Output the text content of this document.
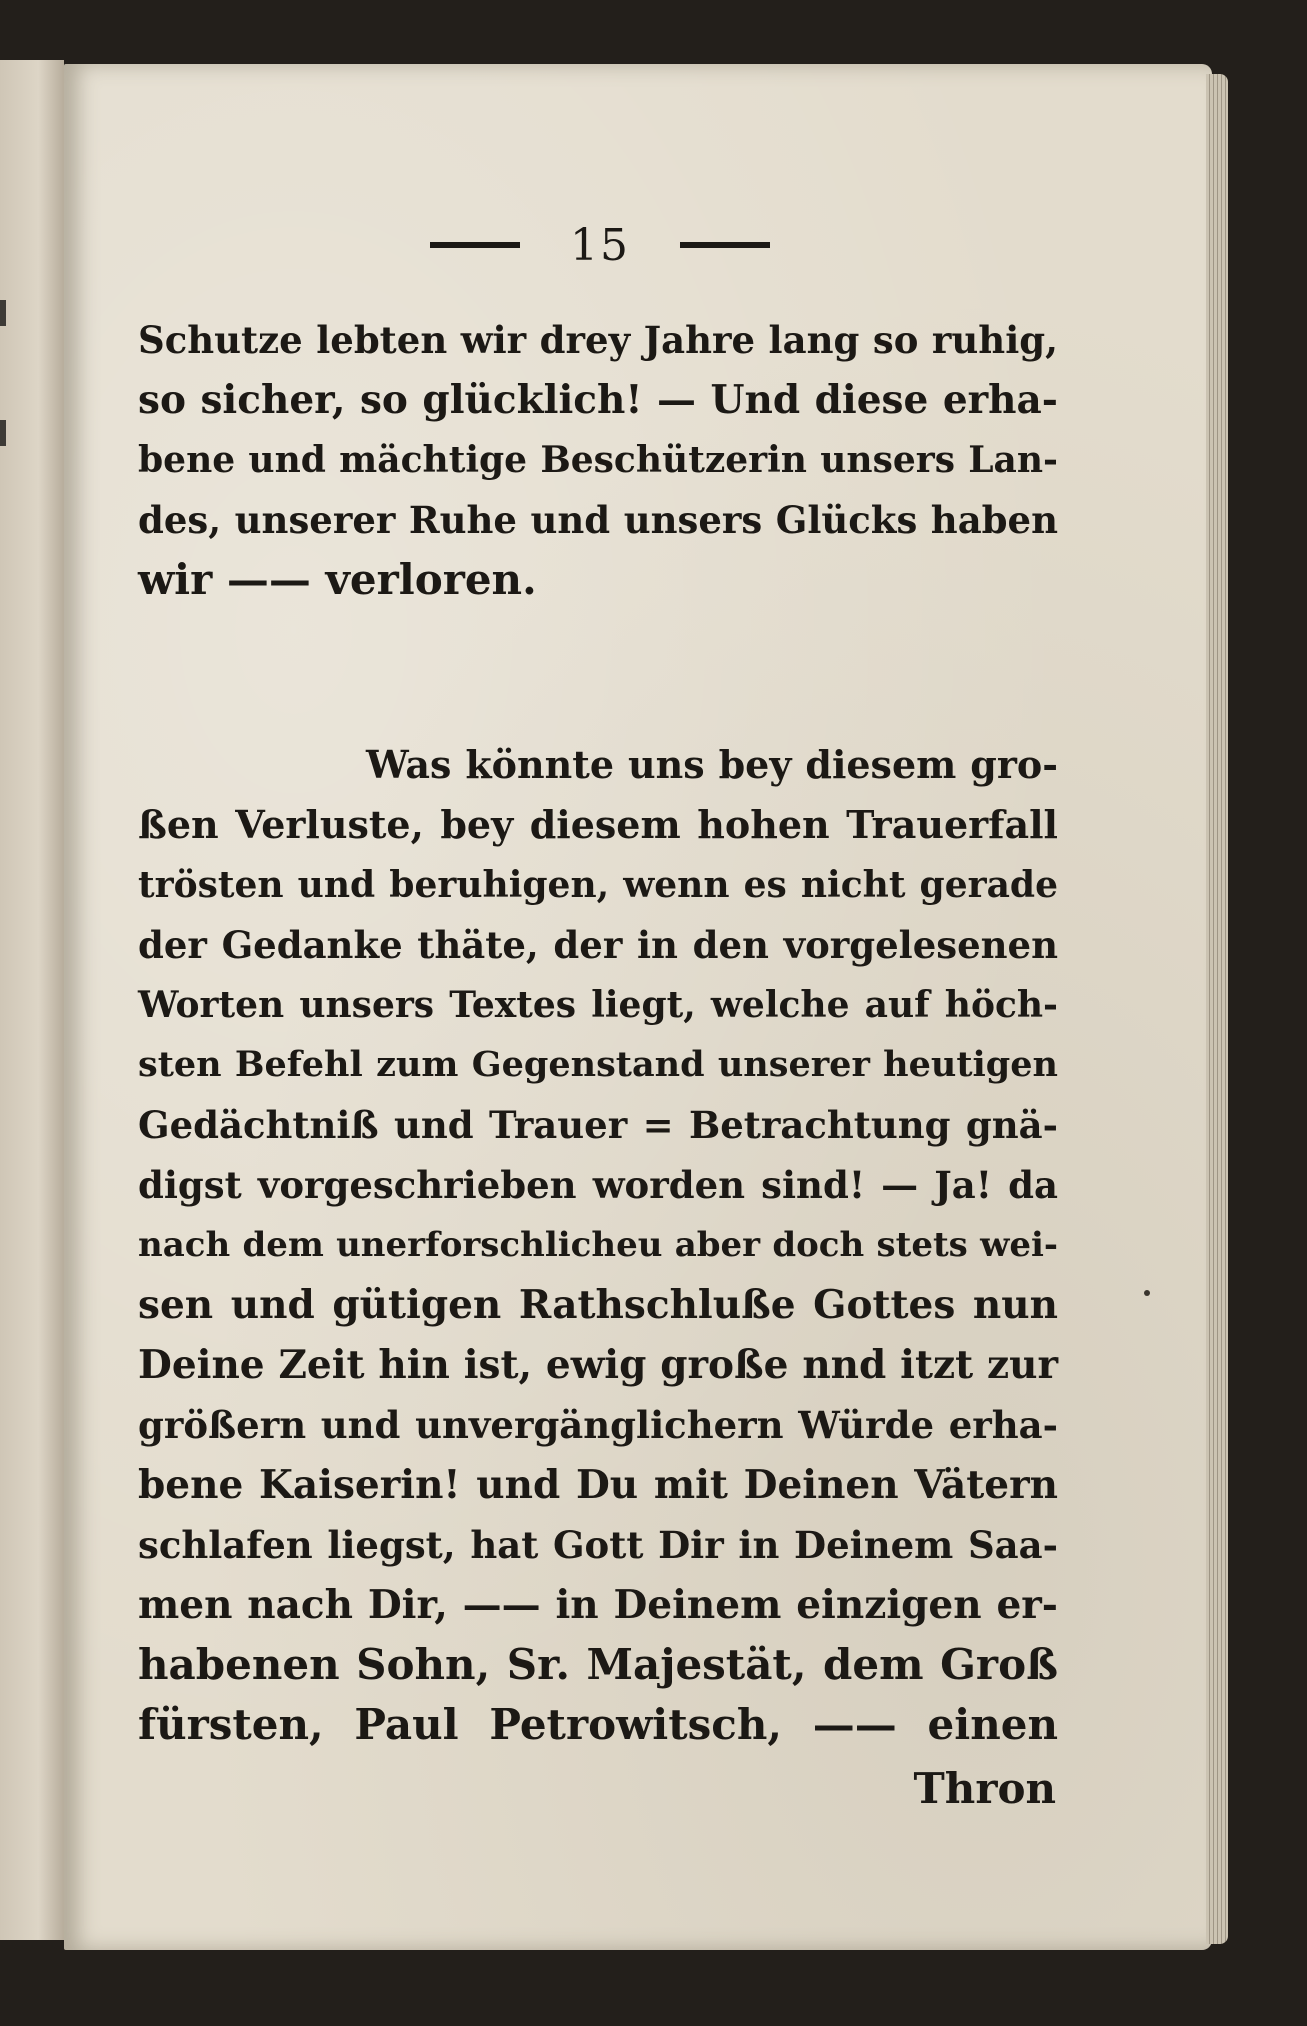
15

Schutze lebten wir drey Jahre lang so ruhig,
so sicher, so glücklich! — Und diese erha-
bene und mächtige Beschützerin unsers Lan-
des, unserer Ruhe und unsers Glücks haben
wir —— verloren.

Was könnte uns bey diesem gro-
ßen Verluste, bey diesem hohen Trauerfall
trösten und beruhigen, wenn es nicht gerade
der Gedanke thäte, der in den vorgelesenen
Worten unsers Textes liegt, welche auf höch-
sten Befehl zum Gegenstand unserer heutigen
Gedächtniß und Trauer = Betrachtung gnä-
digst vorgeschrieben worden sind! — Ja! da
nach dem unerforschlicheu aber doch stets wei-
sen und gütigen Rathschluße Gottes nun
Deine Zeit hin ist, ewig große nnd itzt zur
größern und unvergänglichern Würde erha-
bene Kaiserin! und Du mit Deinen Vätern
schlafen liegst, hat Gott Dir in Deinem Saa-
men nach Dir, —— in Deinem einzigen er-
habenen Sohn, Sr. Majestät, dem Groß
fürsten, Paul Petrowitsch, —— einen

Thron
